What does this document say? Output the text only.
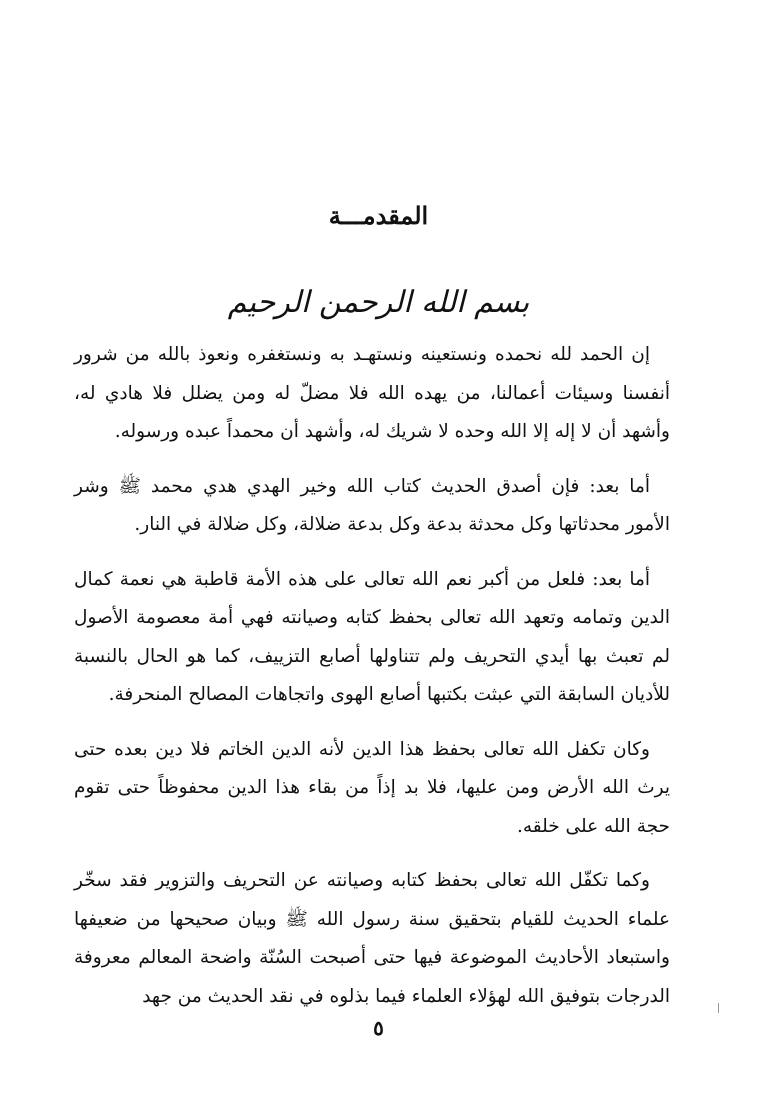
المقدمـــة
بسم الله الرحمن الرحيم

إن الحمد لله نحمده ونستعينه ونستهـد به ونستغفره ونعوذ بالله من شرور أنفسنا وسيئات أعمالنا، من يهده الله فلا مضلّ له ومن يضلل فلا هادي له، وأشهد أن لا إله إلا الله وحده لا شريك له، وأشهد أن محمداً عبده ورسوله.

أما بعد: فإن أصدق الحديث كتاب الله وخير الهدي هدي محمد ﷺ وشر الأمور محدثاتها وكل محدثة بدعة وكل بدعة ضلالة، وكل ضلالة في النار.

أما بعد: فلعل من أكبر نعم الله تعالى على هذه الأمة قاطبة هي نعمة كمال الدين وتمامه وتعهد الله تعالى بحفظ كتابه وصيانته فهي أمة معصومة الأصول لم تعبث بها أيدي التحريف ولم تتناولها أصابع التزييف، كما هو الحال بالنسبة للأديان السابقة التي عبثت بكتبها أصابع الهوى واتجاهات المصالح المنحرفة.

وكان تكفل الله تعالى بحفظ هذا الدين لأنه الدين الخاتم فلا دين بعده حتى يرث الله الأرض ومن عليها، فلا بد إذاً من بقاء هذا الدين محفوظاً حتى تقوم حجة الله على خلقه.

وكما تكفّل الله تعالى بحفظ كتابه وصيانته عن التحريف والتزوير فقد سخّر علماء الحديث للقيام بتحقيق سنة رسول الله ﷺ وبيان صحيحها من ضعيفها واستبعاد الأحاديث الموضوعة فيها حتى أصبحت السُنّة واضحة المعالم معروفة الدرجات بتوفيق الله لهؤلاء العلماء فيما بذلوه في نقد الحديث من جهد

٥
